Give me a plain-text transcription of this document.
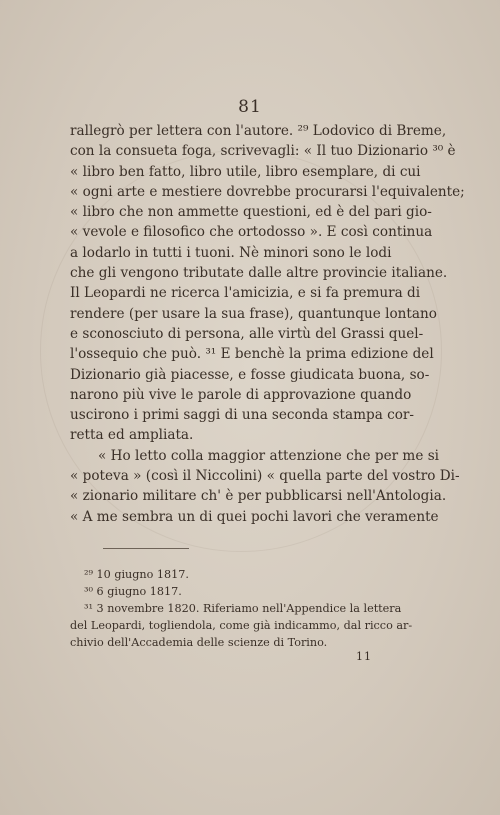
81
rallegrò per lettera con l'autore. ²⁹ Lodovico di Breme,
con la consueta foga, scrivevagli: « Il tuo Dizionario ³⁰ è
« libro ben fatto, libro utile, libro esemplare, di cui
« ogni arte e mestiere dovrebbe procurarsi l'equivalente;
« libro che non ammette questioni, ed è del pari gio-
« vevole e filosofico che ortodosso ». E così continua
a lodarlo in tutti i tuoni. Nè minori sono le lodi
che gli vengono tributate dalle altre provincie italiane.
Il Leopardi ne ricerca l'amicizia, e si fa premura di
rendere (per usare la sua frase), quantunque lontano
e sconosciuto di persona, alle virtù del Grassi quel-
l'ossequio che può. ³¹ E benchè la prima edizione del
Dizionario già piacesse, e fosse giudicata buona, so-
narono più vive le parole di approvazione quando
uscirono i primi saggi di una seconda stampa cor-
retta ed ampliata.
« Ho letto colla maggior attenzione che per me si
« poteva » (così il Niccolini) « quella parte del vostro Di-
« zionario militare ch' è per pubblicarsi nell'Antologia.
« A me sembra un di quei pochi lavori che veramente
²⁹ 10 giugno 1817.
³⁰ 6 giugno 1817.
³¹ 3 novembre 1820. Riferiamo nell'Appendice la lettera
del Leopardi, togliendola, come già indicammo, dal ricco ar-
chivio dell'Accademia delle scienze di Torino.
11
